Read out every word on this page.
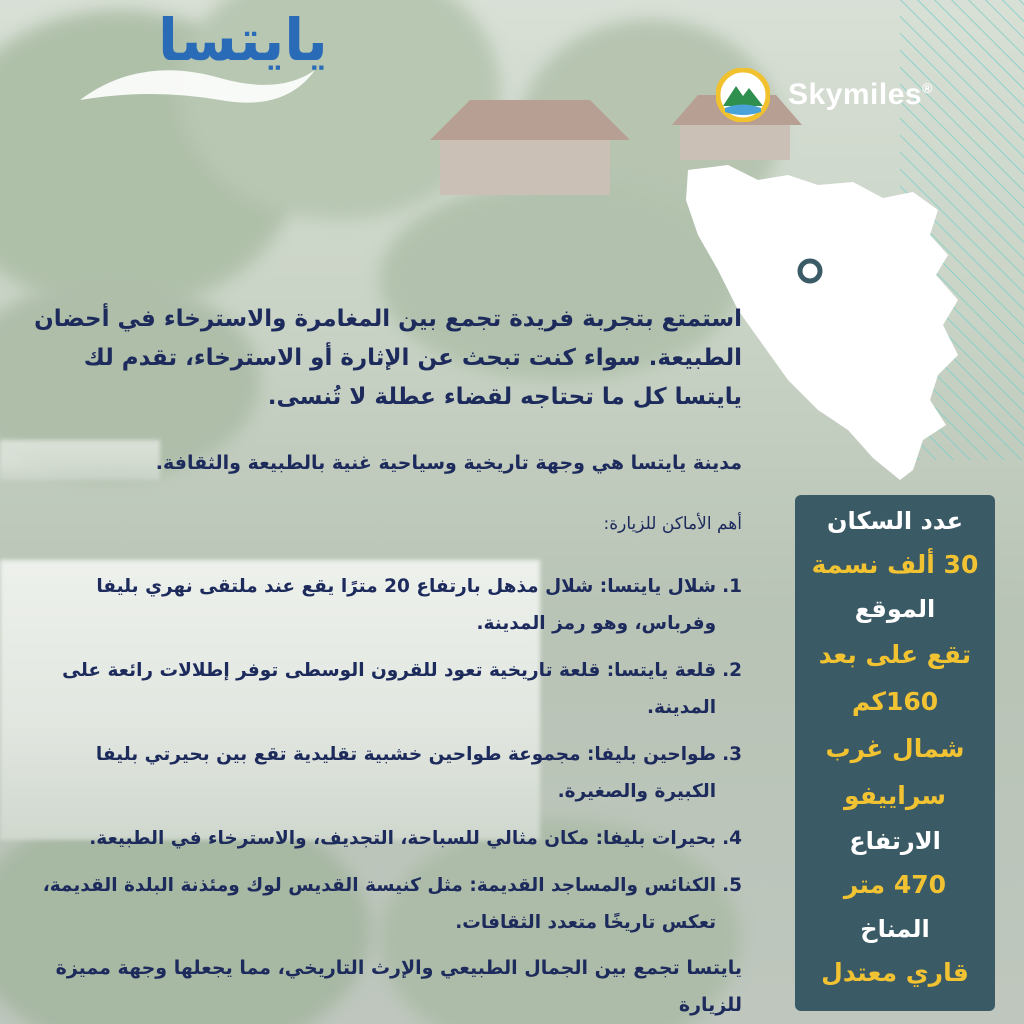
يايتسا
Skymiles®

استمتع بتجربة فريدة تجمع بين المغامرة والاسترخاء في أحضان الطبيعة. سواء كنت تبحث عن الإثارة أو الاسترخاء، تقدم لك يايتسا كل ما تحتاجه لقضاء عطلة لا تُنسى.

مدينة يايتسا هي وجهة تاريخية وسياحية غنية بالطبيعة والثقافة.

أهم الأماكن للزيارة:

1.
شلال يايتسا: شلال مذهل بارتفاع 20 مترًا يقع عند ملتقى نهري بليفا وفرباس، وهو رمز المدينة.
2.
قلعة يايتسا: قلعة تاريخية تعود للقرون الوسطى توفر إطلالات رائعة على المدينة.
3.
طواحين بليفا: مجموعة طواحين خشبية تقليدية تقع بين بحيرتي بليفا الكبيرة والصغيرة.
4.
بحيرات بليفا: مكان مثالي للسباحة، التجديف، والاسترخاء في الطبيعة.
5.
الكنائس والمساجد القديمة: مثل كنيسة القديس لوك ومئذنة البلدة القديمة، تعكس تاريخًا متعدد الثقافات.

يايتسا تجمع بين الجمال الطبيعي والإرث التاريخي، مما يجعلها وجهة مميزة للزيارة

عدد السكان

30 ألف نسمة

الموقع

تقع على بعد

160كم

شمال غرب

سراييفو

الارتفاع

470 متر

المناخ

قاري معتدل
